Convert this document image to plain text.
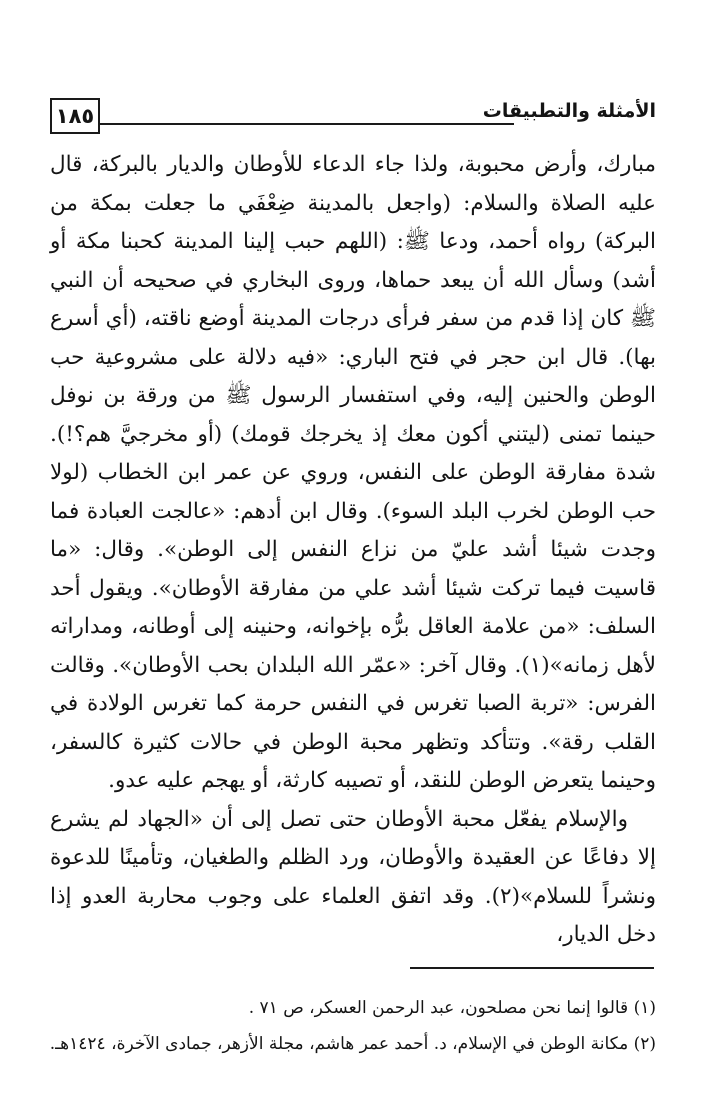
١٨٥	الأمثلة والتطبيقات

مبارك، وأرض محبوبة، ولذا جاء الدعاء للأوطان والديار بالبركة، قال عليه الصلاة والسلام: (واجعل بالمدينة ضِعْفَي ما جعلت بمكة من البركة) رواه أحمد، ودعا ﷺ: (اللهم حبب إلينا المدينة كحبنا مكة أو أشد) وسأل الله أن يبعد حماها، وروى البخاري في صحيحه أن النبي ﷺ كان إذا قدم من سفر فرأى درجات المدينة أوضع ناقته، (أي أسرع بها). قال ابن حجر في فتح الباري: «فيه دلالة على مشروعية حب الوطن والحنين إليه، وفي استفسار الرسول ﷺ من ورقة بن نوفل حينما تمنى (ليتني أكون معك إذ يخرجك قومك) (أو مخرجيَّ هم؟!). شدة مفارقة الوطن على النفس، وروي عن عمر ابن الخطاب (لولا حب الوطن لخرب البلد السوء). وقال ابن أدهم: «عالجت العبادة فما وجدت شيئا أشد عليّ من نزاع النفس إلى الوطن». وقال: «ما قاسيت فيما تركت شيئا أشد علي من مفارقة الأوطان». ويقول أحد السلف: «من علامة العاقل برُّه بإخوانه، وحنينه إلى أوطانه، ومداراته لأهل زمانه»(١). وقال آخر: «عمّر الله البلدان بحب الأوطان». وقالت الفرس: «تربة الصبا تغرس في النفس حرمة كما تغرس الولادة في القلب رقة». وتتأكد وتظهر محبة الوطن في حالات كثيرة كالسفر، وحينما يتعرض الوطن للنقد، أو تصيبه كارثة، أو يهجم عليه عدو.

والإسلام يفعّل محبة الأوطان حتى تصل إلى أن «الجهاد لم يشرع إلا دفاعًا عن العقيدة والأوطان، ورد الظلم والطغيان، وتأمينًا للدعوة ونشراً للسلام»(٢). وقد اتفق العلماء على وجوب محاربة العدو إذا دخل الديار،

(١) قالوا إنما نحن مصلحون، عبد الرحمن العسكر، ص ٧١ .

(٢) مكانة الوطن في الإسلام، د. أحمد عمر هاشم، مجلة الأزهر، جمادى الآخرة، ١٤٢٤هـ.
